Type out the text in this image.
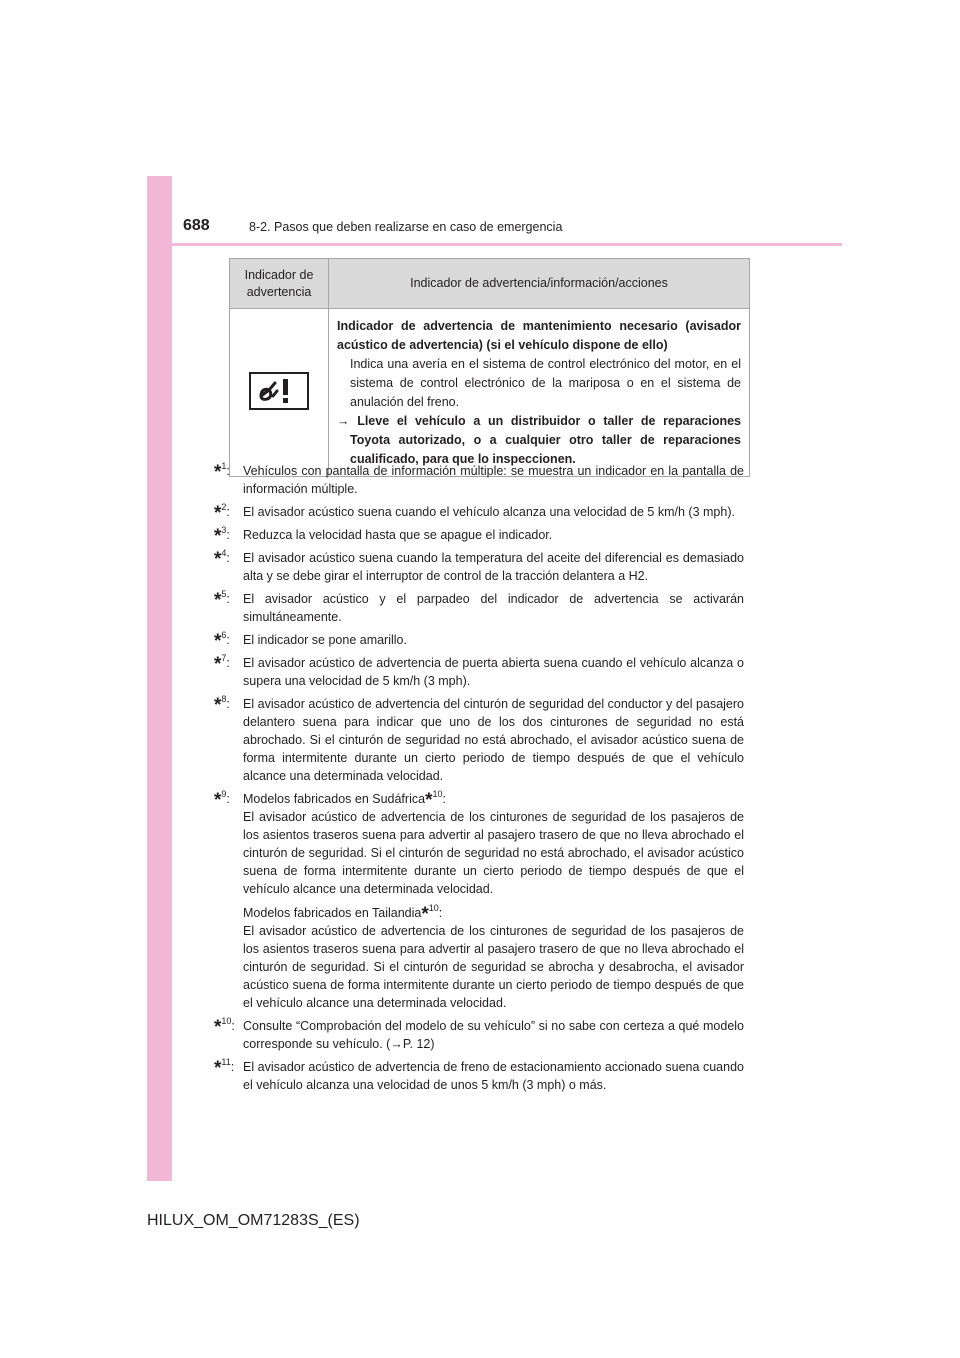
688	8-2. Pasos que deben realizarse en caso de emergencia
Indicador de advertencia	Indicador de advertencia/información/acciones

Indicador de advertencia de mantenimiento necesario (avisador acústico de advertencia) (si el vehículo dispone de ello)
Indica una avería en el sistema de control electrónico del motor, en el sistema de control electrónico de la mariposa o en el sistema de anulación del freno.
→ Lleve el vehículo a un distribuidor o taller de reparaciones Toyota autorizado, o a cualquier otro taller de reparaciones cualificado, para que lo inspeccionen.
*$^1$: Vehículos con pantalla de información múltiple: se muestra un indicador en la pantalla de información múltiple.

*$^2$: El avisador acústico suena cuando el vehículo alcanza una velocidad de 5 km/h (3 mph).

*$^3$: Reduzca la velocidad hasta que se apague el indicador.

*$^4$: El avisador acústico suena cuando la temperatura del aceite del diferencial es demasiado alta y se debe girar el interruptor de control de la tracción delantera a H2.

*$^5$: El avisador acústico y el parpadeo del indicador de advertencia se activarán simultáneamente.

*$^6$: El indicador se pone amarillo.

*$^7$: El avisador acústico de advertencia de puerta abierta suena cuando el vehículo alcanza o supera una velocidad de 5 km/h (3 mph).

*$^8$: El avisador acústico de advertencia del cinturón de seguridad del conductor y del pasajero delantero suena para indicar que uno de los dos cinturones de seguridad no está abrochado. Si el cinturón de seguridad no está abrochado, el avisador acústico suena de forma intermitente durante un cierto periodo de tiempo después de que el vehículo alcance una determinada velocidad.

*$^9$: Modelos fabricados en Sudáfrica*$^{10}$:

El avisador acústico de advertencia de los cinturones de seguridad de los pasajeros de los asientos traseros suena para advertir al pasajero trasero de que no lleva abrochado el cinturón de seguridad. Si el cinturón de seguridad no está abrochado, el avisador acústico suena de forma intermitente durante un cierto periodo de tiempo después de que el vehículo alcance una determinada velocidad.

Modelos fabricados en Tailandia*$^{10}$:

El avisador acústico de advertencia de los cinturones de seguridad de los pasajeros de los asientos traseros suena para advertir al pasajero trasero de que no lleva abrochado el cinturón de seguridad. Si el cinturón de seguridad se abrocha y desabrocha, el avisador acústico suena de forma intermitente durante un cierto periodo de tiempo después de que el vehículo alcance una determinada velocidad.

*$^{10}$: Consulte “Comprobación del modelo de su vehículo” si no sabe con certeza a qué modelo corresponde su vehículo. (→P. 12)

*$^{11}$: El avisador acústico de advertencia de freno de estacionamiento accionado suena cuando el vehículo alcanza una velocidad de unos 5 km/h (3 mph) o más.

HILUX_OM_OM71283S_(ES)
